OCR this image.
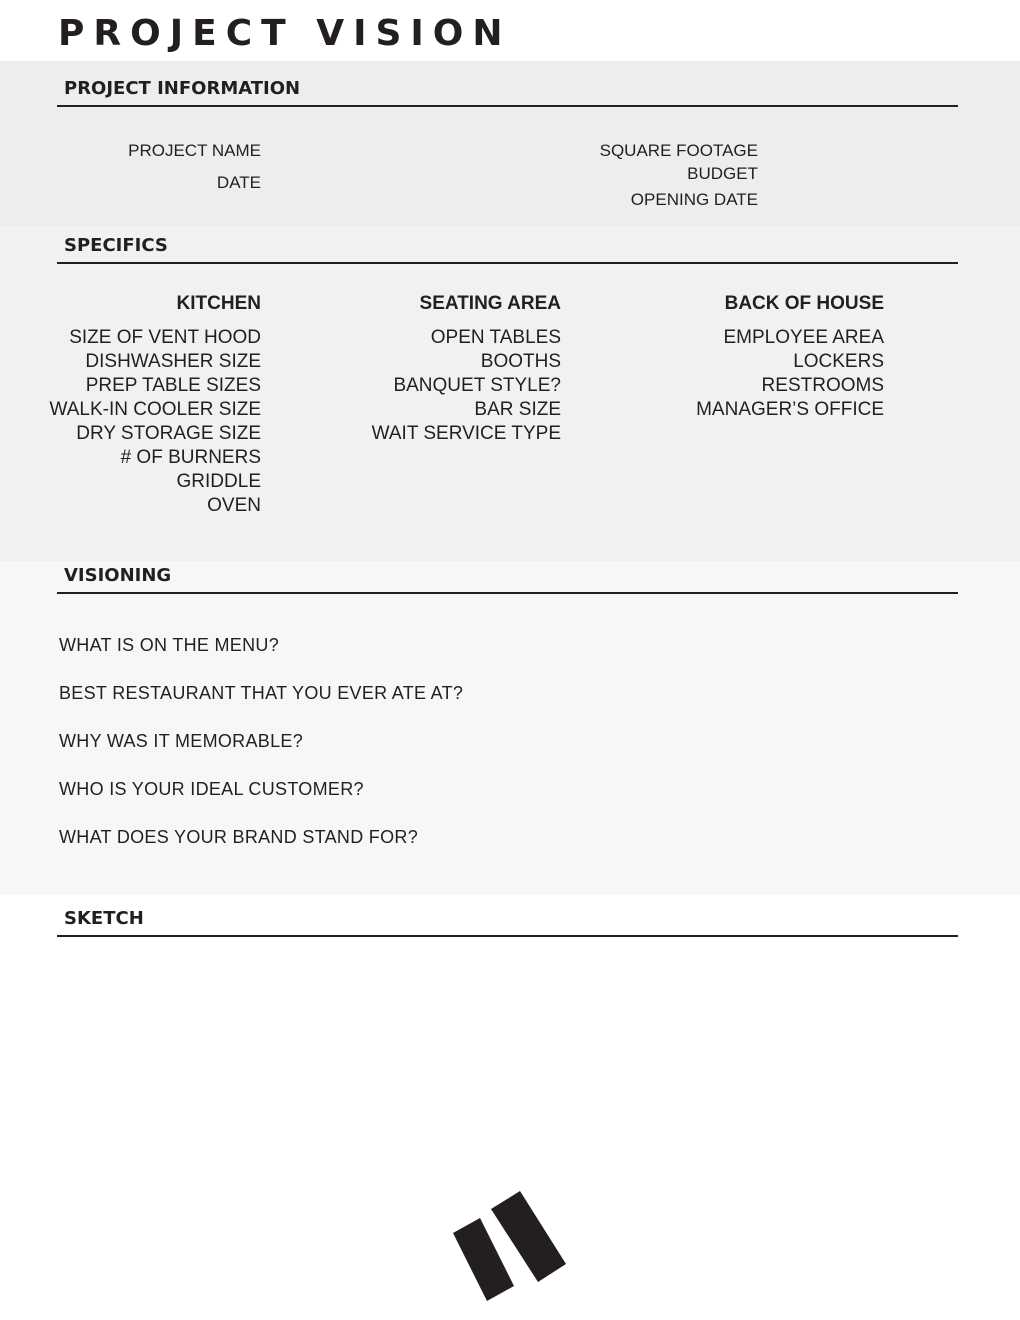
PROJECT VISION
PROJECT INFORMATION
SPECIFICS
VISIONING
SKETCH
PROJECT NAME
DATE
SQUARE FOOTAGE
BUDGET
OPENING DATE
KITCHEN
SIZE OF VENT HOOD
DISHWASHER SIZE
PREP TABLE SIZES
WALK-IN COOLER SIZE
DRY STORAGE SIZE
# OF BURNERS
GRIDDLE
OVEN
SEATING AREA
OPEN TABLES
BOOTHS
BANQUET STYLE?
BAR SIZE
WAIT SERVICE TYPE
BACK OF HOUSE
EMPLOYEE AREA
LOCKERS
RESTROOMS
MANAGER’S OFFICE
WHAT IS ON THE MENU?
BEST RESTAURANT THAT YOU EVER ATE AT?
WHY WAS IT MEMORABLE?
WHO IS YOUR IDEAL CUSTOMER?
WHAT DOES YOUR BRAND STAND FOR?
